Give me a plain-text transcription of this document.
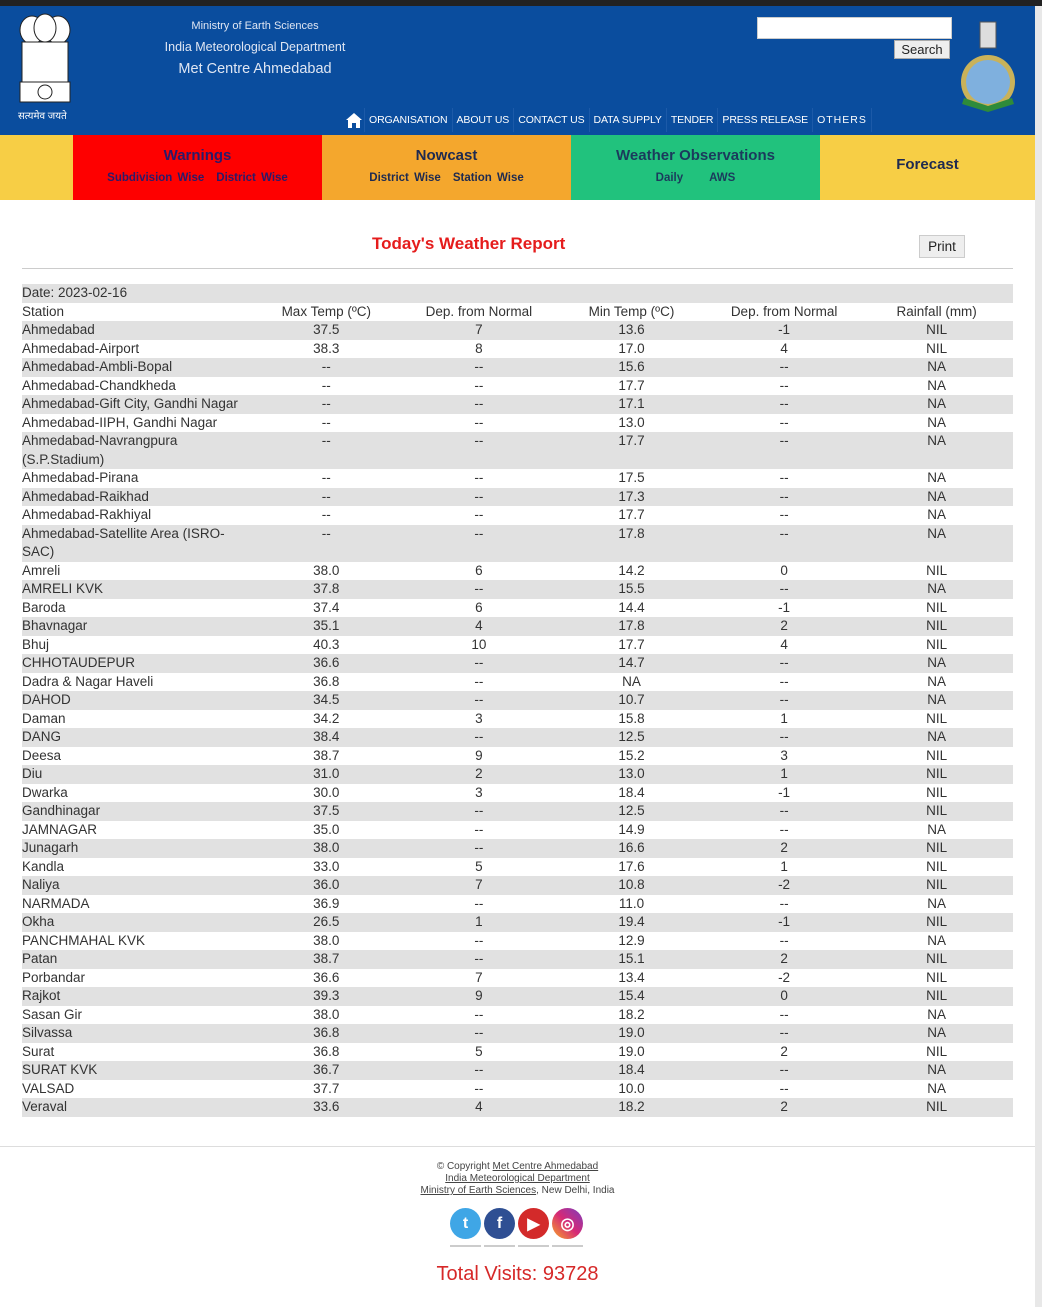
सत्यमेव जयते
Ministry of Earth Sciences
India Meteorological Department
Met Centre Ahmedabad
Search
ORGANISATION ABOUT US CONTACT US DATA SUPPLY TENDER PRESS RELEASE OTHERS
Warnings
Subdivision Wise District Wise
Nowcast
District Wise Station Wise
Weather Observations
Daily AWS
Forecast
Today's Weather Report	Print
Date: 2023-02-16					
Station	Max Temp (ºC)	Dep. from Normal	Min Temp (ºC)	Dep. from Normal	Rainfall (mm)
Ahmedabad	37.5	7	13.6	-1	NIL
Ahmedabad-Airport	38.3	8	17.0	4	NIL
Ahmedabad-Ambli-Bopal	--	--	15.6	--	NA
Ahmedabad-Chandkheda	--	--	17.7	--	NA
Ahmedabad-Gift City, Gandhi Nagar	--	--	17.1	--	NA
Ahmedabad-IIPH, Gandhi Nagar	--	--	13.0	--	NA
Ahmedabad-Navrangpura (S.P.Stadium)	--	--	17.7	--	NA
Ahmedabad-Pirana	--	--	17.5	--	NA
Ahmedabad-Raikhad	--	--	17.3	--	NA
Ahmedabad-Rakhiyal	--	--	17.7	--	NA
Ahmedabad-Satellite Area (ISRO-SAC)	--	--	17.8	--	NA
Amreli	38.0	6	14.2	0	NIL
AMRELI KVK	37.8	--	15.5	--	NA
Baroda	37.4	6	14.4	-1	NIL
Bhavnagar	35.1	4	17.8	2	NIL
Bhuj	40.3	10	17.7	4	NIL
CHHOTAUDEPUR	36.6	--	14.7	--	NA
Dadra & Nagar Haveli	36.8	--	NA	--	NA
DAHOD	34.5	--	10.7	--	NA
Daman	34.2	3	15.8	1	NIL
DANG	38.4	--	12.5	--	NA
Deesa	38.7	9	15.2	3	NIL
Diu	31.0	2	13.0	1	NIL
Dwarka	30.0	3	18.4	-1	NIL
Gandhinagar	37.5	--	12.5	--	NIL
JAMNAGAR	35.0	--	14.9	--	NA
Junagarh	38.0	--	16.6	2	NIL
Kandla	33.0	5	17.6	1	NIL
Naliya	36.0	7	10.8	-2	NIL
NARMADA	36.9	--	11.0	--	NA
Okha	26.5	1	19.4	-1	NIL
PANCHMAHAL KVK	38.0	--	12.9	--	NA
Patan	38.7	--	15.1	2	NIL
Porbandar	36.6	7	13.4	-2	NIL
Rajkot	39.3	9	15.4	0	NIL
Sasan Gir	38.0	--	18.2	--	NA
Silvassa	36.8	--	19.0	--	NA
Surat	36.8	5	19.0	2	NIL
SURAT KVK	36.7	--	18.4	--	NA
VALSAD	37.7	--	10.0	--	NA
Veraval	33.6	4	18.2	2	NIL
© Copyright Met Centre Ahmedabad
India Meteorological Department
Ministry of Earth Sciences, New Delhi, India
t	f	▶	◎
Total Visits: 93728
